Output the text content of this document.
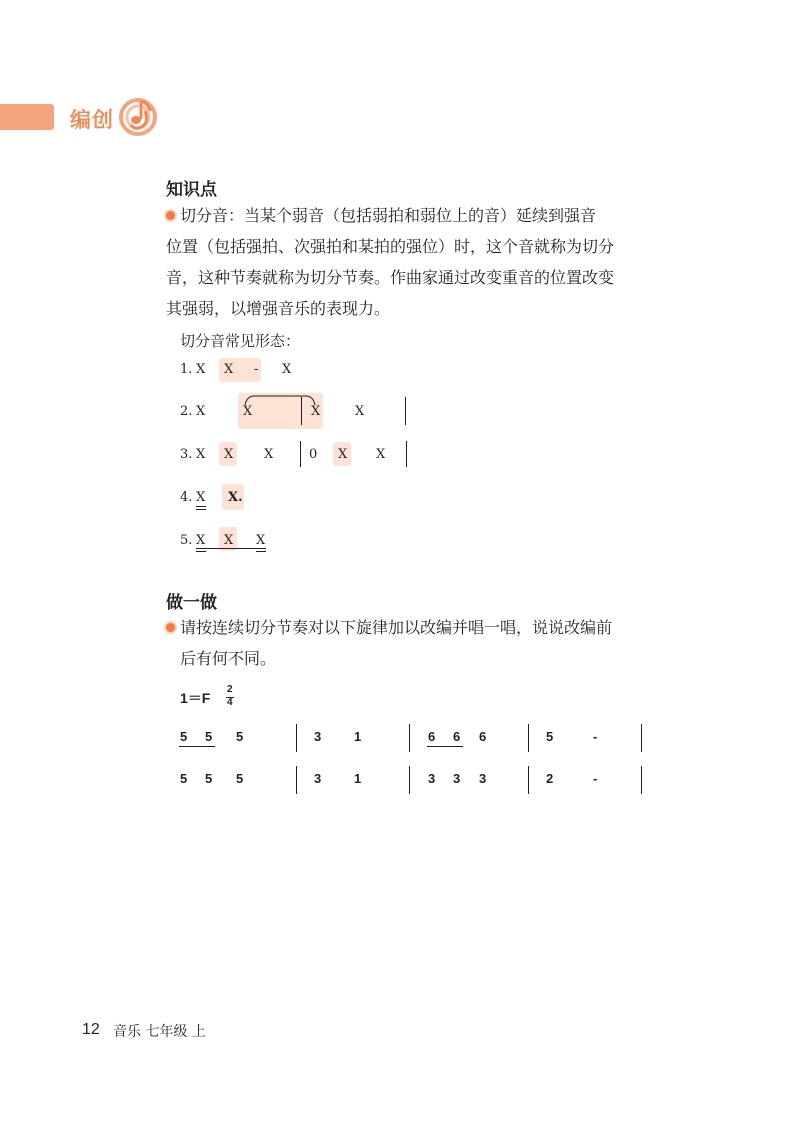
编创
知识点
切分音：当某个弱音（包括弱拍和弱位上的音）延续到强音
位置（包括强拍、次强拍和某拍的强位）时，这个音就称为切分
音，这种节奏就称为切分节奏。作曲家通过改变重音的位置改变
其强弱，以增强音乐的表现力。
切分音常见形态：
1. X X - X
2. X	X	X	X
3. X X X	0 X X
4. X X.
5. X X X
做一做
请按连续切分节奏对以下旋律加以改编并唱一唱，说说改编前
后有何不同。
1＝F
2
4
5 5 5	3	1	6 6 6	5	-
5 5 5	3	1	3 3 3	2	-
12 音乐 七年级 上
